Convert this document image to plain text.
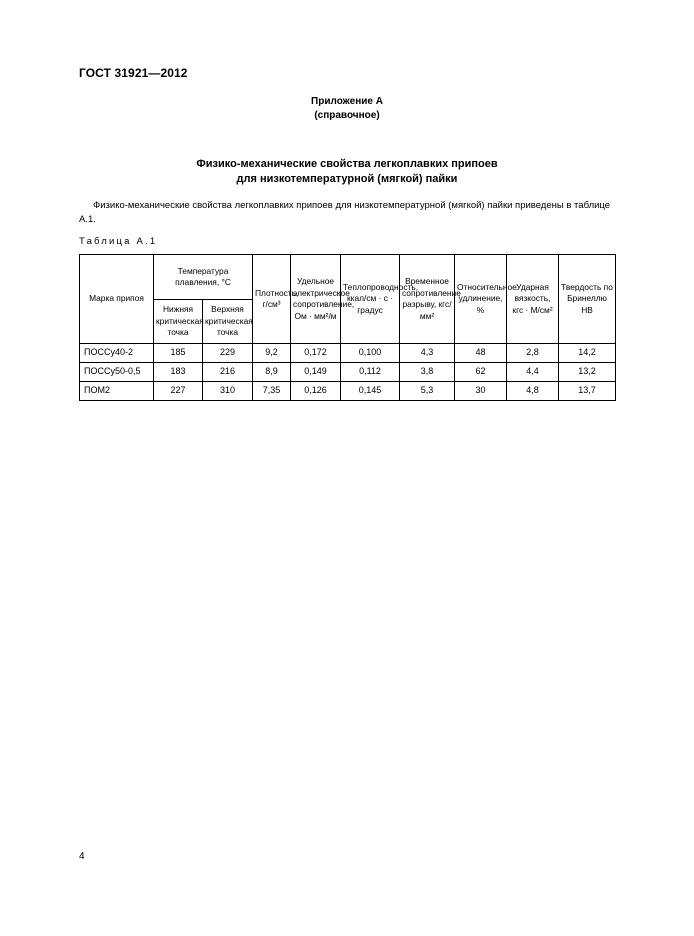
ГОСТ 31921—2012
Приложение А
(справочное)
Физико-механические свойства легкоплавких припоев
для низкотемпературной (мягкой) пайки
Физико-механические свойства легкоплавких припоев для низкотемпературной (мягкой) пайки приведены в таблице А.1.
Таблица А.1
Марка припоя	Температура плавления, °С		Плотность, г/см³	Удельное электрическое сопротивление, Ом · мм²/м	Теплопроводность, ккал/см · с · градус	Временное сопротивление разрыву, кгс/мм²	Относительное удлинение, %	Ударная вязкость, кгс · М/см²	Твердость по Бринеллю НВ
	Нижняя критическая точка	Верхняя критическая точка							
ПОССу40-2	185	229	9,2	0,172	0,100	4,3	48	2,8	14,2
ПОССу50-0,5	183	216	8,9	0,149	0,112	3,8	62	4,4	13,2
ПОМ2	227	310	7,35	0,126	0,145	5,3	30	4,8	13,7
4
